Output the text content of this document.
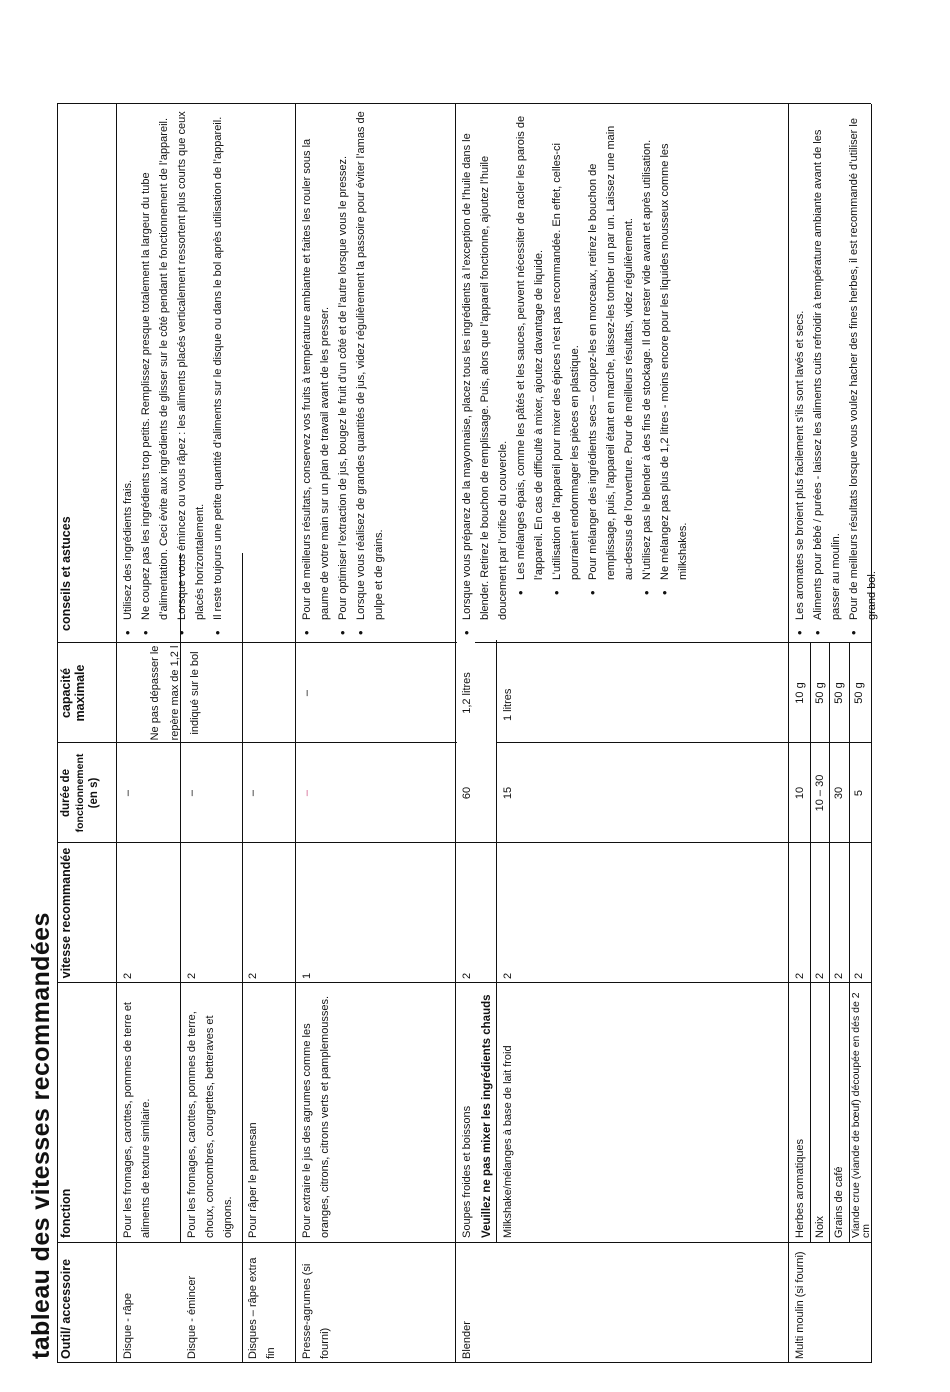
tableau des vitesses recommandées Outil/ accessoire
fonction
vitesse recommandée
durée de fonctionnement (en s)
capacité maximale
conseils et astuces
Disque - râpe
Pour les fromages, carottes, pommes de terre et aliments de texture similaire.
2
–
Disque - émincer
Pour les fromages, carottes, pommes de terre, choux, concombres, courgettes, betteraves et oignons.
2
–
Disques – râpe extra fin
Pour râper le parmesan
2
–
Ne pas dépasser le repère max de 1,2 l indiqué sur le bol
• Utilisez des ingrédients frais. • Ne coupez pas les ingrédients trop petits. Remplissez presque totalement la largeur du tube d’alimentation. Ceci évite aux ingrédients de glisser sur le côté pendant le fonctionnement de l’appareil. • Lorsque vous émincez ou vous râpez : les aliments placés verticalement ressortent plus courts que ceux placés horizontalement. • Il reste toujours une petite quantité d’aliments sur le disque ou dans le bol après utilisation de l’appareil.
Presse-agrumes (si fourni)
Pour extraire le jus des agrumes comme les oranges, citrons, citrons verts et pamplemousses.
1
–
–
• Pour de meilleurs résultats, conservez vos fruits à température ambiante et faites les rouler sous la paume de votre main sur un plan de travail avant de les presser. • Pour optimiser l’extraction de jus, bougez le fruit d’un côté et de l’autre lorsque vous le pressez. • Lorsque vous réalisez de grandes quantités de jus, videz régulièrement la passoire pour éviter l’amas de pulpe et de grains.
Blender
Soupes froides et boissons
2
60
1,2 litres
Veuillez ne pas mixer les ingrédients chauds Milkshake/mélanges à base de lait froid
2
15
1 litres
• Lorsque vous préparez de la mayonnaise, placez tous les ingrédients à l’exception de l’huile dans le blender. Retirez le bouchon de remplissage. Puis, alors que l’appareil fonctionne, ajoutez l’huile doucement par l’orifice du couvercle. • Les mélanges épais, comme les pâtés et les sauces, peuvent nécessiter de racler les parois de l’appareil. En cas de difficulté à mixer, ajoutez davantage de liquide. • L’utilisation de l’appareil pour mixer des épices n’est pas recommandée. En effet, celles-ci pourraient endommager les pièces en plastique. • Pour mélanger des ingrédients secs – coupez-les en morceaux, retirez le bouchon de remplissage, puis, l’appareil étant en marche, laissez-les tomber un par un. Laissez une main au-dessus de l’ouverture. Pour de meilleurs résultats, videz régulièrement. • N’utilisez pas le blender à des fins de stockage. Il doit rester vide avant et après utilisation. • Ne mélangez pas plus de 1,2 litres - moins encore pour les liquides mousseux comme les milkshakes.
Multi moulin (si fourni)
Herbes aromatiques
2
10
10 g
Noix
2
10 – 30
50 g
Grains de café
2
30
50 g
Viande crue (viande de bœuf) découpée en dés de 2 cm
2
5
50 g
• Les aromates se broient plus facilement s’ils sont lavés et secs. • Aliments pour bébé / purées - laissez les aliments cuits refroidir à température ambiante avant de les passer au moulin. • Pour de meilleurs résultats lorsque vous voulez hacher des fines herbes, il est recommandé d’utiliser le grand bol.
